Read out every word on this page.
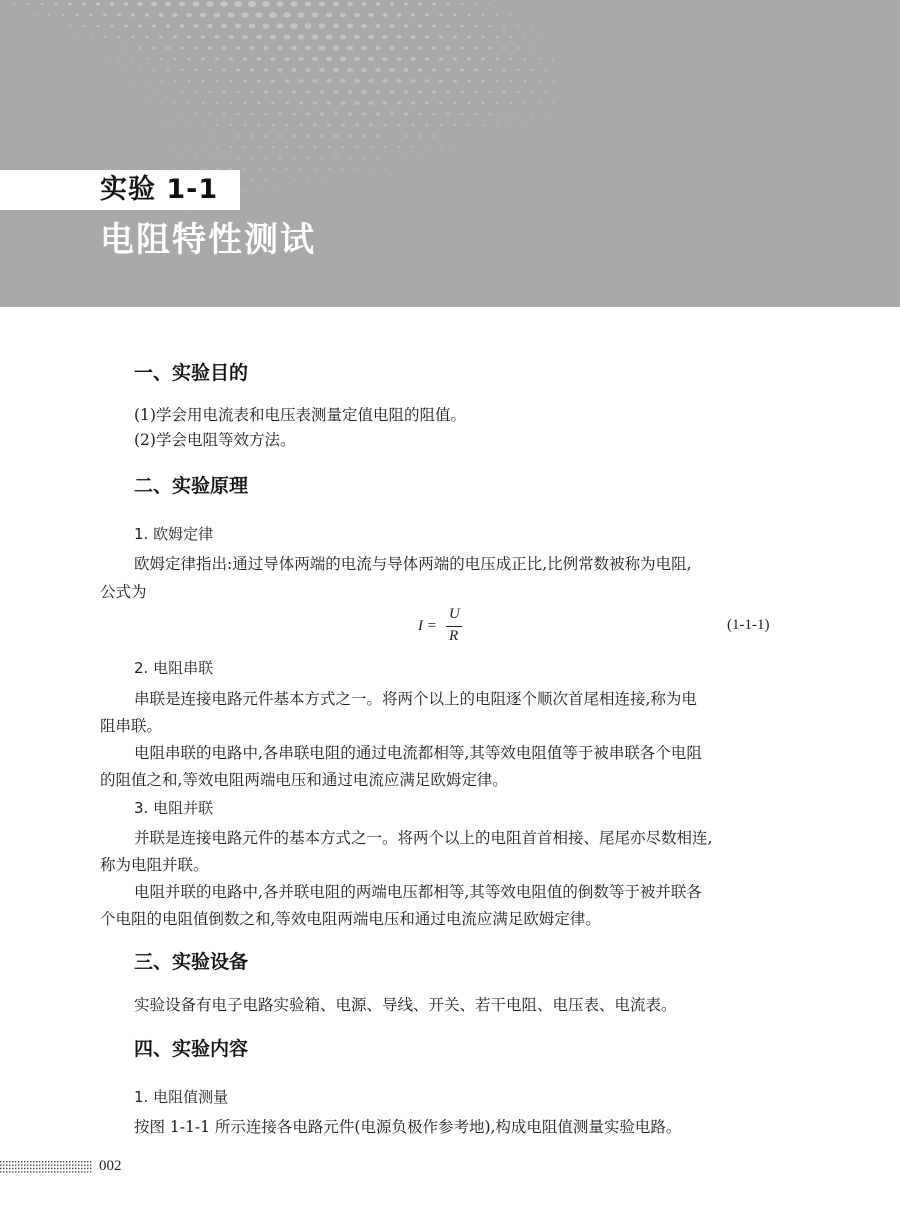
实验 1-1
电阻特性测试
一、实验目的
(1)学会用电流表和电压表测量定值电阻的阻值。
(2)学会电阻等效方法。
二、实验原理
1. 欧姆定律
欧姆定律指出:通过导体两端的电流与导体两端的电压成正比,比例常数被称为电阻,
公式为
I =
U
R
(1-1-1)
2. 电阻串联
串联是连接电路元件基本方式之一。将两个以上的电阻逐个顺次首尾相连接,称为电
阻串联。
电阻串联的电路中,各串联电阻的通过电流都相等,其等效电阻值等于被串联各个电阻
的阻值之和,等效电阻两端电压和通过电流应满足欧姆定律。
3. 电阻并联
并联是连接电路元件的基本方式之一。将两个以上的电阻首首相接、尾尾亦尽数相连,
称为电阻并联。
电阻并联的电路中,各并联电阻的两端电压都相等,其等效电阻值的倒数等于被并联各
个电阻的电阻值倒数之和,等效电阻两端电压和通过电流应满足欧姆定律。
三、实验设备
实验设备有电子电路实验箱、电源、导线、开关、若干电阻、电压表、电流表。
四、实验内容
1. 电阻值测量
按图 1-1-1 所示连接各电路元件(电源负极作参考地),构成电阻值测量实验电路。
002
